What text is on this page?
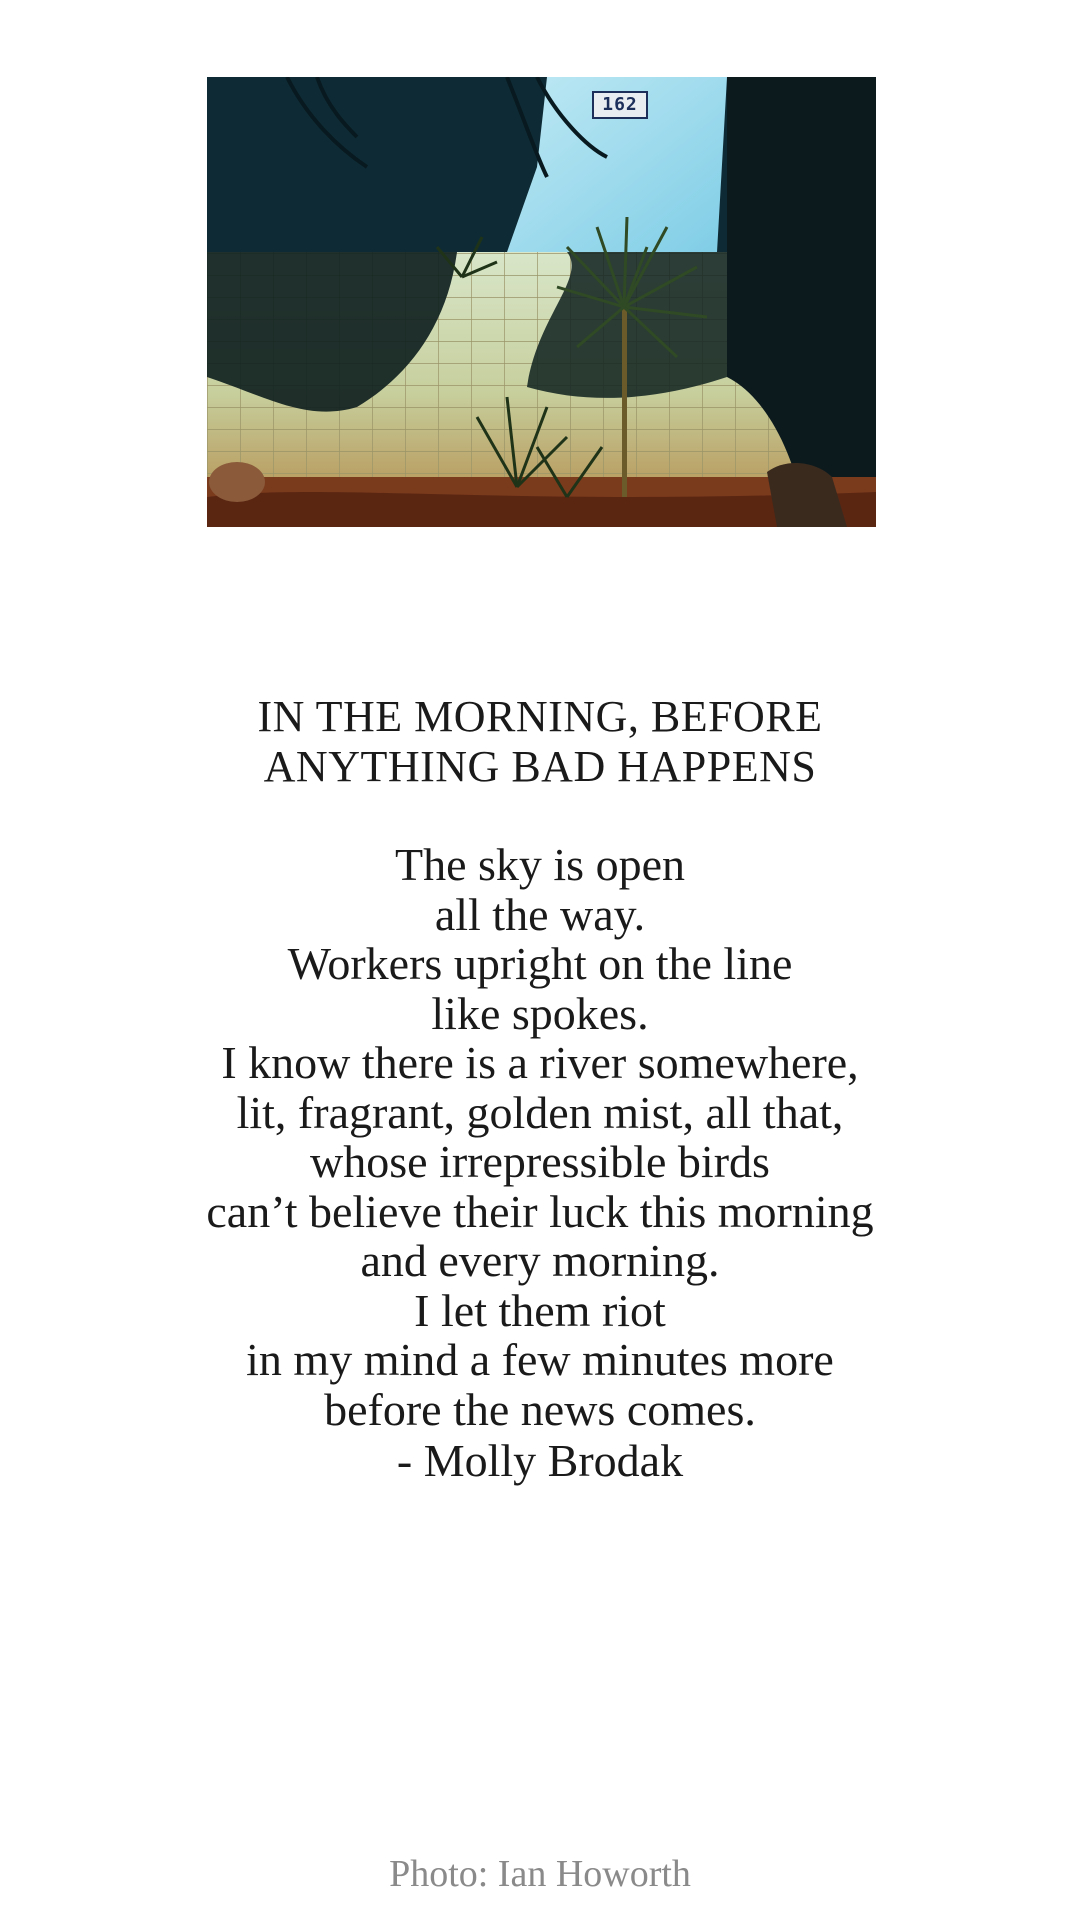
162
IN THE MORNING, BEFORE
ANYTHING BAD HAPPENS
The sky is open
all the way.
Workers upright on the line
like spokes.
I know there is a river somewhere,
lit, fragrant, golden mist, all that,
whose irrepressible birds
can’t believe their luck this morning
and every morning.
I let them riot
in my mind a few minutes more
before the news comes.
- Molly Brodak
Photo: Ian Howorth
